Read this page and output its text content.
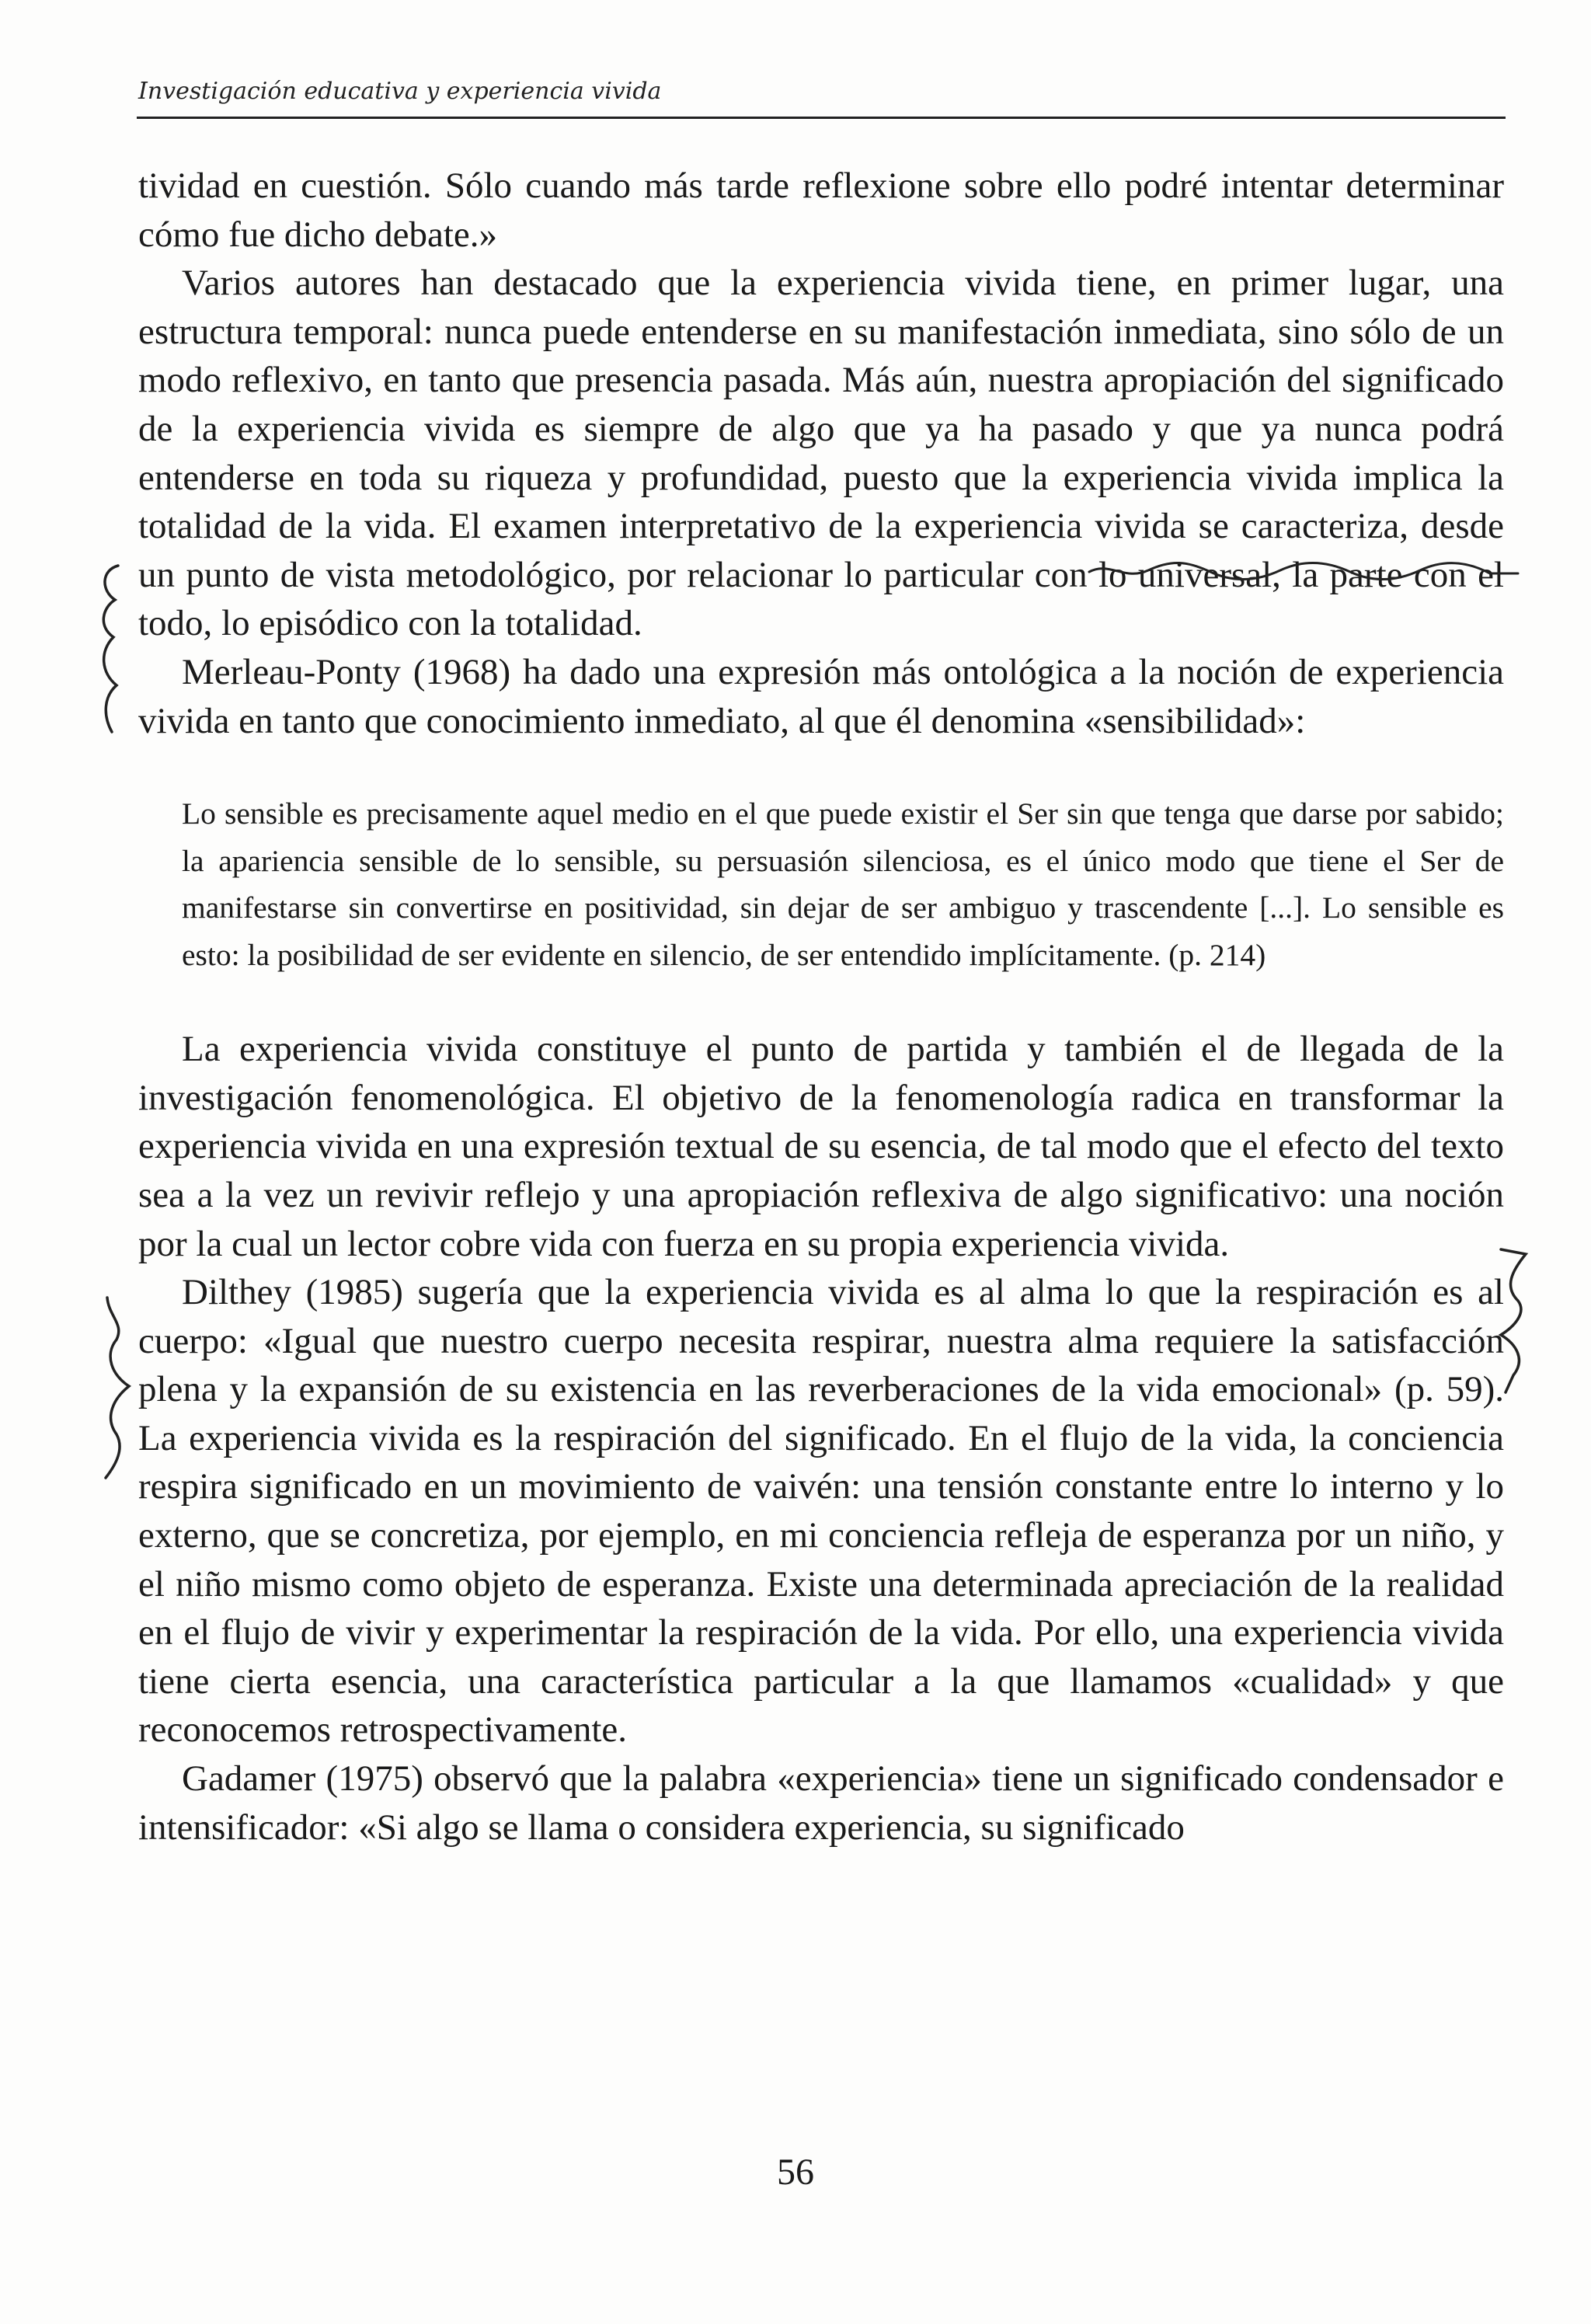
Investigación educativa y experiencia vivida

tividad en cuestión. Sólo cuando más tarde reflexione sobre ello podré intentar determinar cómo fue dicho debate.»

Varios autores han destacado que la experiencia vivida tiene, en primer lugar, una estructura temporal: nunca puede entenderse en su manifestación inmediata, sino sólo de un modo reflexivo, en tanto que presencia pasada. Más aún, nuestra apropiación del significado de la experiencia vivida es siempre de algo que ya ha pasado y que ya nunca podrá entenderse en toda su riqueza y profundidad, puesto que la experiencia vivida implica la totalidad de la vida. El examen interpretativo de la experiencia vivida se caracteriza, desde un punto de vista metodológico, por relacionar lo particular con lo universal, la parte con el todo, lo episódico con la totalidad.

Merleau-Ponty (1968) ha dado una expresión más ontológica a la noción de experiencia vivida en tanto que conocimiento inmediato, al que él denomina «sensibilidad»:

Lo sensible es precisamente aquel medio en el que puede existir el Ser sin que tenga que darse por sabido; la apariencia sensible de lo sensible, su persuasión silenciosa, es el único modo que tiene el Ser de manifestarse sin convertirse en positividad, sin dejar de ser ambiguo y trascendente [...]. Lo sensible es esto: la posibilidad de ser evidente en silencio, de ser entendido implícitamente. (p. 214)

La experiencia vivida constituye el punto de partida y también el de llegada de la investigación fenomenológica. El objetivo de la fenomenología radica en transformar la experiencia vivida en una expresión textual de su esencia, de tal modo que el efecto del texto sea a la vez un revivir reflejo y una apropiación reflexiva de algo significativo: una noción por la cual un lector cobre vida con fuerza en su propia experiencia vivida.

Dilthey (1985) sugería que la experiencia vivida es al alma lo que la respiración es al cuerpo: «Igual que nuestro cuerpo necesita respirar, nuestra alma requiere la satisfacción plena y la expansión de su existencia en las reverberaciones de la vida emocional» (p. 59). La experiencia vivida es la respiración del significado. En el flujo de la vida, la conciencia respira significado en un movimiento de vaivén: una tensión constante entre lo interno y lo externo, que se concretiza, por ejemplo, en mi conciencia refleja de esperanza por un niño, y el niño mismo como objeto de esperanza. Existe una determinada apreciación de la realidad en el flujo de vivir y experimentar la respiración de la vida. Por ello, una experiencia vivida tiene cierta esencia, una característica particular a la que llamamos «cualidad» y que reconocemos retrospectivamente.

Gadamer (1975) observó que la palabra «experiencia» tiene un significado condensador e intensificador: «Si algo se llama o considera experiencia, su significado

56
